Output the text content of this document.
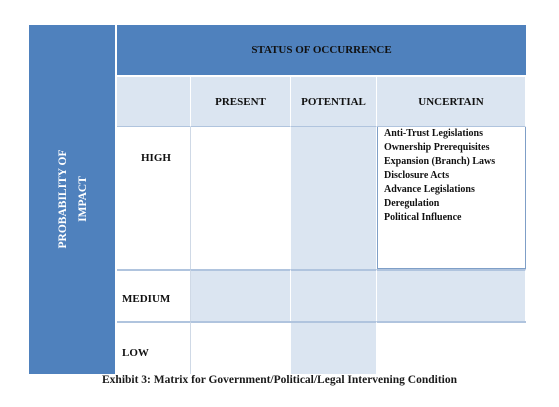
PROBABILITY OF IMPACT
STATUS OF OCCURRENCE
PRESENT	POTENTIAL	UNCERTAIN
HIGH
Anti-Trust Legislations
Ownership Prerequisites
Expansion (Branch) Laws
Disclosure Acts
Advance Legislations
Deregulation
Political Influence
MEDIUM
LOW
Exhibit 3: Matrix for Government/Political/Legal Intervening Condition
